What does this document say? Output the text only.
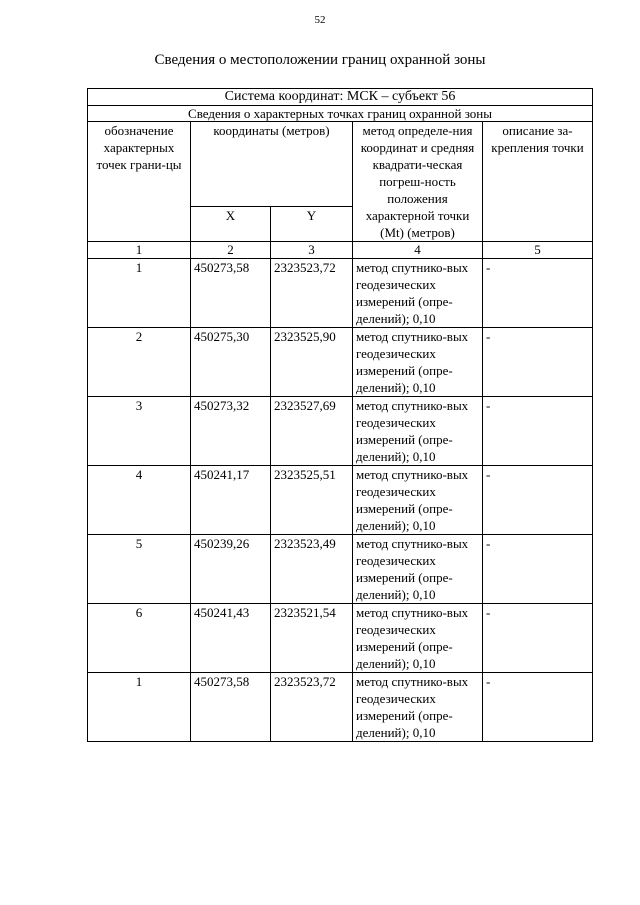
52
Сведения о местоположении границ охранной зоны
Система координат: МСК – субъект 56				
Сведения о характерных точках границ охранной зоны				
обозначение характерных точек грани-цы	координаты (метров)		метод определе-ния координат и средняя квадрати-ческая погреш-ность положения характерной точки (Mt) (метров)	описание за-крепления точки
	X	Y		
1	2	3	4	5
1	450273,58	2323523,72	метод спутнико-вых геодезических измерений (опре-делений); 0,10	-
2	450275,30	2323525,90	метод спутнико-вых геодезических измерений (опре-делений); 0,10	-
3	450273,32	2323527,69	метод спутнико-вых геодезических измерений (опре-делений); 0,10	-
4	450241,17	2323525,51	метод спутнико-вых геодезических измерений (опре-делений); 0,10	-
5	450239,26	2323523,49	метод спутнико-вых геодезических измерений (опре-делений); 0,10	-
6	450241,43	2323521,54	метод спутнико-вых геодезических измерений (опре-делений); 0,10	-
1	450273,58	2323523,72	метод спутнико-вых геодезических измерений (опре-делений); 0,10	-
